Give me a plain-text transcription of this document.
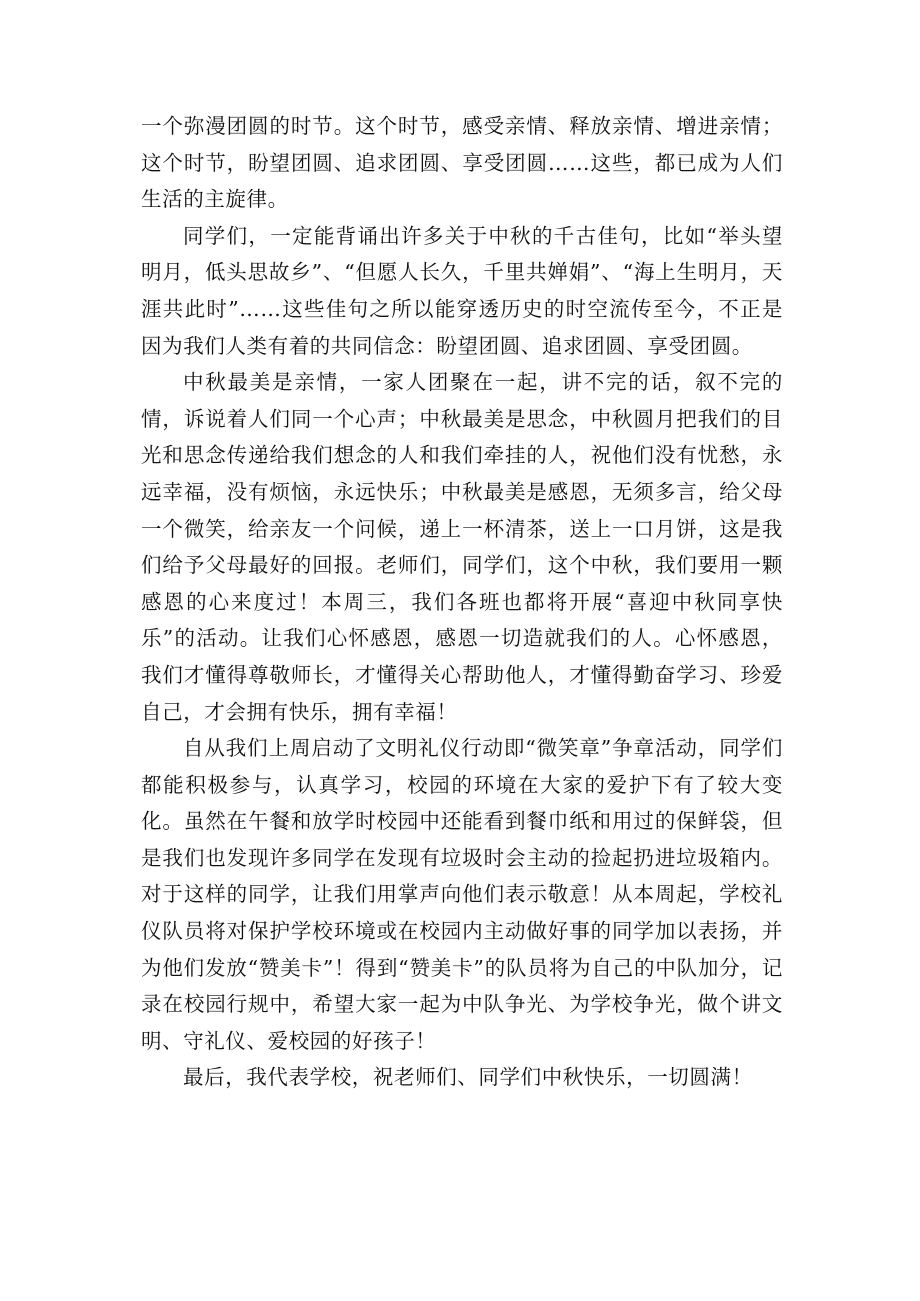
一个弥漫团圆的时节。这个时节，感受亲情、释放亲情、增进亲情；这个时节，盼望团圆、追求团圆、享受团圆……这些，都已成为人们生活的主旋律。

同学们，一定能背诵出许多关于中秋的千古佳句，比如“举头望明月，低头思故乡”、“但愿人长久，千里共婵娟”、“海上生明月，天涯共此时”……这些佳句之所以能穿透历史的时空流传至今，不正是因为我们人类有着的共同信念：盼望团圆、追求团圆、享受团圆。

中秋最美是亲情，一家人团聚在一起，讲不完的话，叙不完的情，诉说着人们同一个心声；中秋最美是思念，中秋圆月把我们的目光和思念传递给我们想念的人和我们牵挂的人，祝他们没有忧愁，永远幸福，没有烦恼，永远快乐；中秋最美是感恩，无须多言，给父母一个微笑，给亲友一个问候，递上一杯清茶，送上一口月饼，这是我们给予父母最好的回报。老师们，同学们，这个中秋，我们要用一颗感恩的心来度过！本周三，我们各班也都将开展“喜迎中秋同享快乐”的活动。让我们心怀感恩，感恩一切造就我们的人。心怀感恩，我们才懂得尊敬师长，才懂得关心帮助他人，才懂得勤奋学习、珍爱自己，才会拥有快乐，拥有幸福！

自从我们上周启动了文明礼仪行动即“微笑章”争章活动，同学们都能积极参与，认真学习，校园的环境在大家的爱护下有了较大变化。虽然在午餐和放学时校园中还能看到餐巾纸和用过的保鲜袋，但是我们也发现许多同学在发现有垃圾时会主动的捡起扔进垃圾箱内。对于这样的同学，让我们用掌声向他们表示敬意！从本周起，学校礼仪队员将对保护学校环境或在校园内主动做好事的同学加以表扬，并为他们发放“赞美卡”！得到“赞美卡”的队员将为自己的中队加分，记录在校园行规中，希望大家一起为中队争光、为学校争光，做个讲文明、守礼仪、爱校园的好孩子！

最后，我代表学校，祝老师们、同学们中秋快乐，一切圆满！
